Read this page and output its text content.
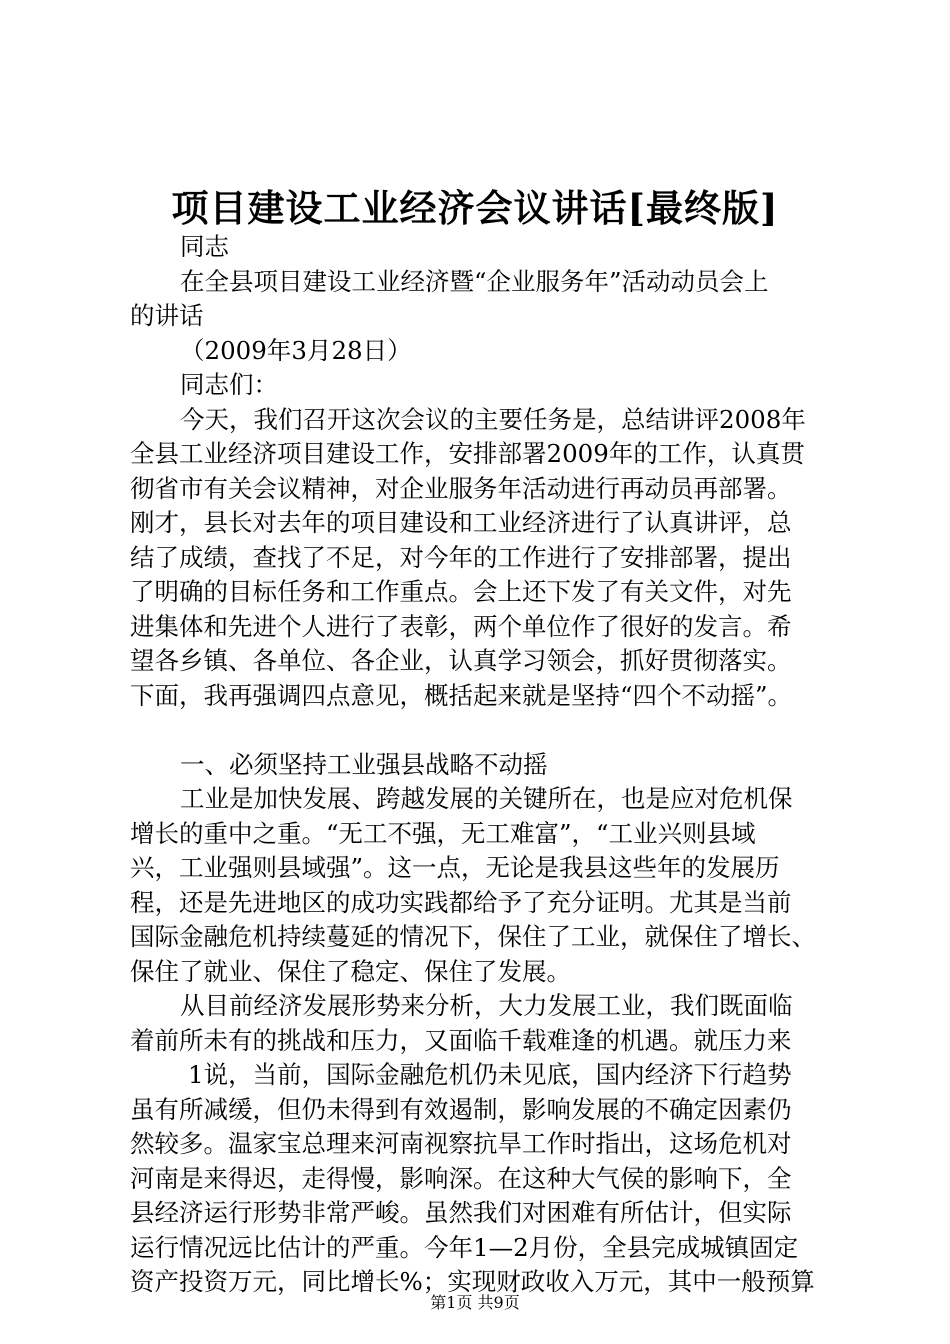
项目建设工业经济会议讲话[最终版]
同志
在全县项目建设工业经济暨“企业服务年”活动动员会上
的讲话
（2009年3月28日）
同志们：
今天，我们召开这次会议的主要任务是，总结讲评2008年
全县工业经济项目建设工作，安排部署2009年的工作，认真贯
彻省市有关会议精神，对企业服务年活动进行再动员再部署。
刚才，县长对去年的项目建设和工业经济进行了认真讲评，总
结了成绩，查找了不足，对今年的工作进行了安排部署，提出
了明确的目标任务和工作重点。会上还下发了有关文件，对先
进集体和先进个人进行了表彰，两个单位作了很好的发言。希
望各乡镇、各单位、各企业，认真学习领会，抓好贯彻落实。
下面，我再强调四点意见，概括起来就是坚持“四个不动摇”。
一、必须坚持工业强县战略不动摇
工业是加快发展、跨越发展的关键所在，也是应对危机保
增长的重中之重。“无工不强，无工难富”，“工业兴则县域
兴，工业强则县域强”。这一点，无论是我县这些年的发展历
程，还是先进地区的成功实践都给予了充分证明。尤其是当前
国际金融危机持续蔓延的情况下，保住了工业，就保住了增长、
保住了就业、保住了稳定、保住了发展。
从目前经济发展形势来分析，大力发展工业，我们既面临
着前所未有的挑战和压力，又面临千载难逢的机遇。就压力来
1说，当前，国际金融危机仍未见底，国内经济下行趋势
虽有所减缓，但仍未得到有效遏制，影响发展的不确定因素仍
然较多。温家宝总理来河南视察抗旱工作时指出，这场危机对
河南是来得迟，走得慢，影响深。在这种大气侯的影响下，全
县经济运行形势非常严峻。虽然我们对困难有所估计，但实际
运行情况远比估计的严重。今年1—2月份，全县完成城镇固定
资产投资万元，同比增长%；实现财政收入万元，其中一般预算
第1页 共9页
